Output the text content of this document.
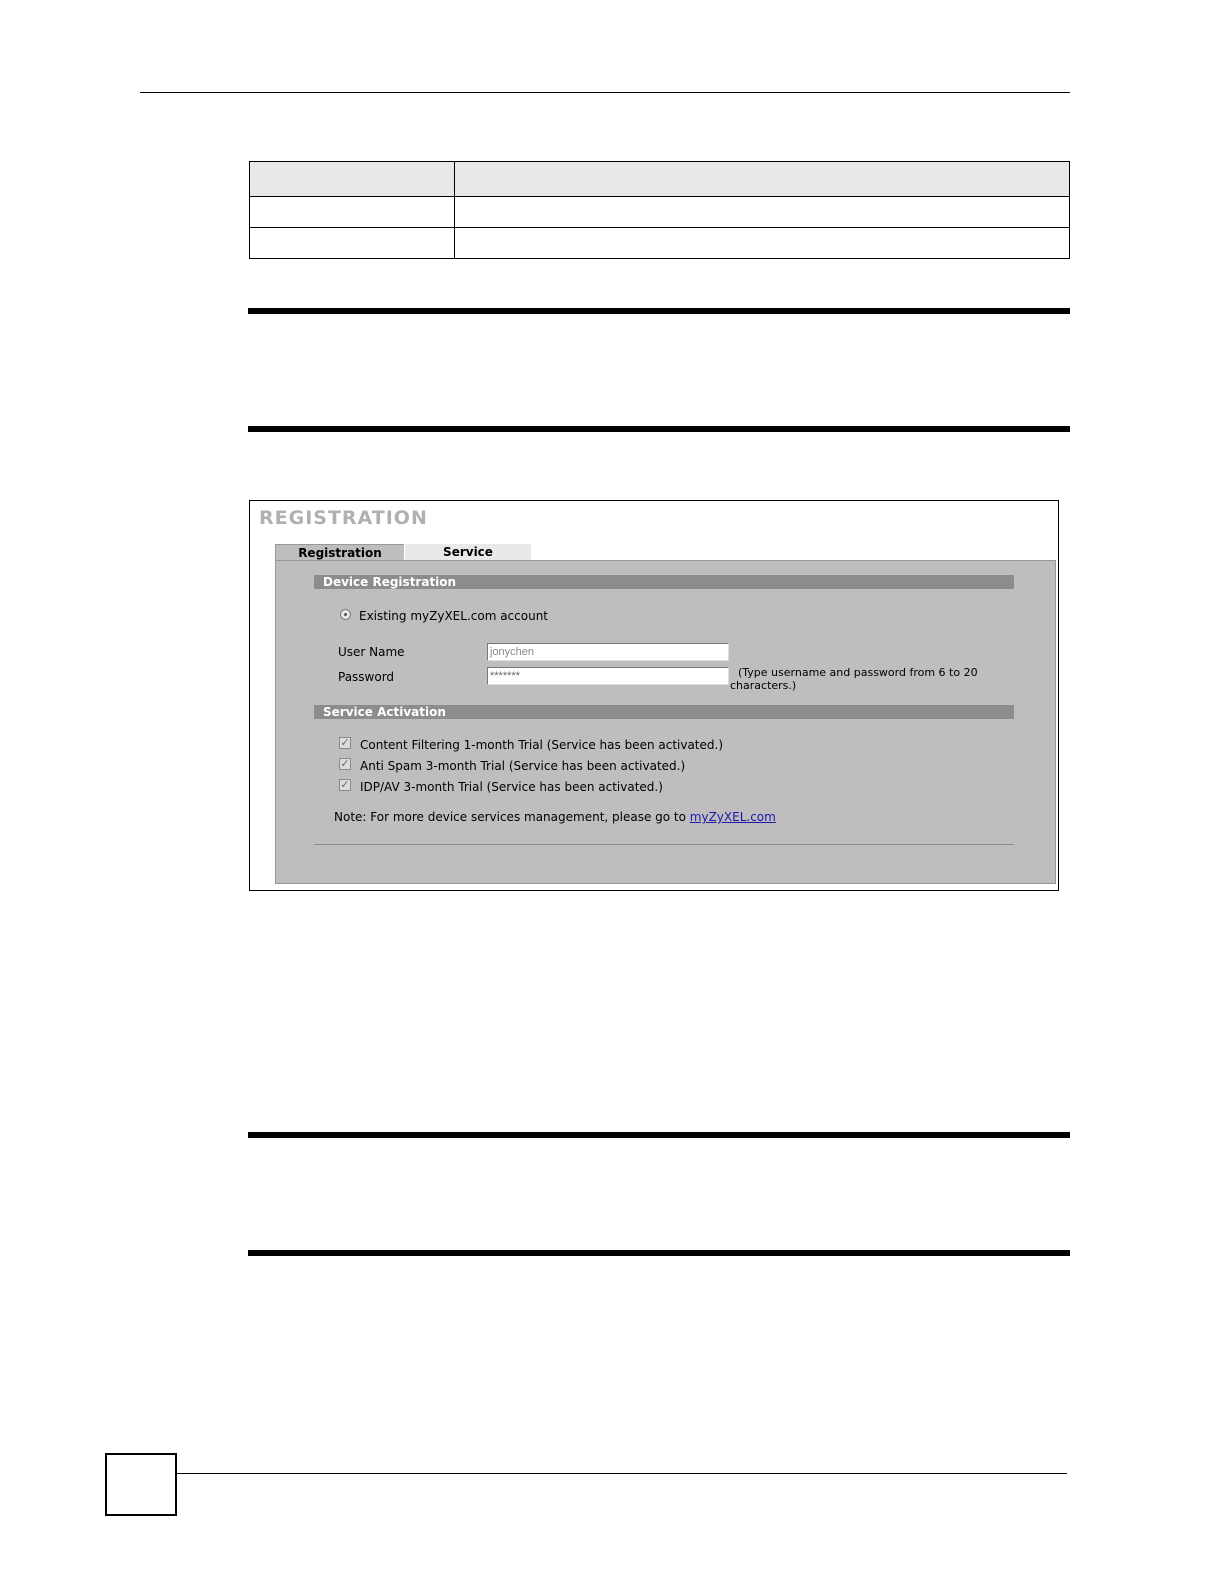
REGISTRATION
Registration	Service
Device Registration
Existing myZyXEL.com account
User Name	jonychen
Password	*******	(Type username and password from 6 to 20
characters.)
Service Activation
✓ Content Filtering 1-month Trial (Service has been activated.)
✓ Anti Spam 3-month Trial (Service has been activated.)
✓ IDP/AV 3-month Trial (Service has been activated.)
Note: For more device services management, please go to myZyXEL.com
